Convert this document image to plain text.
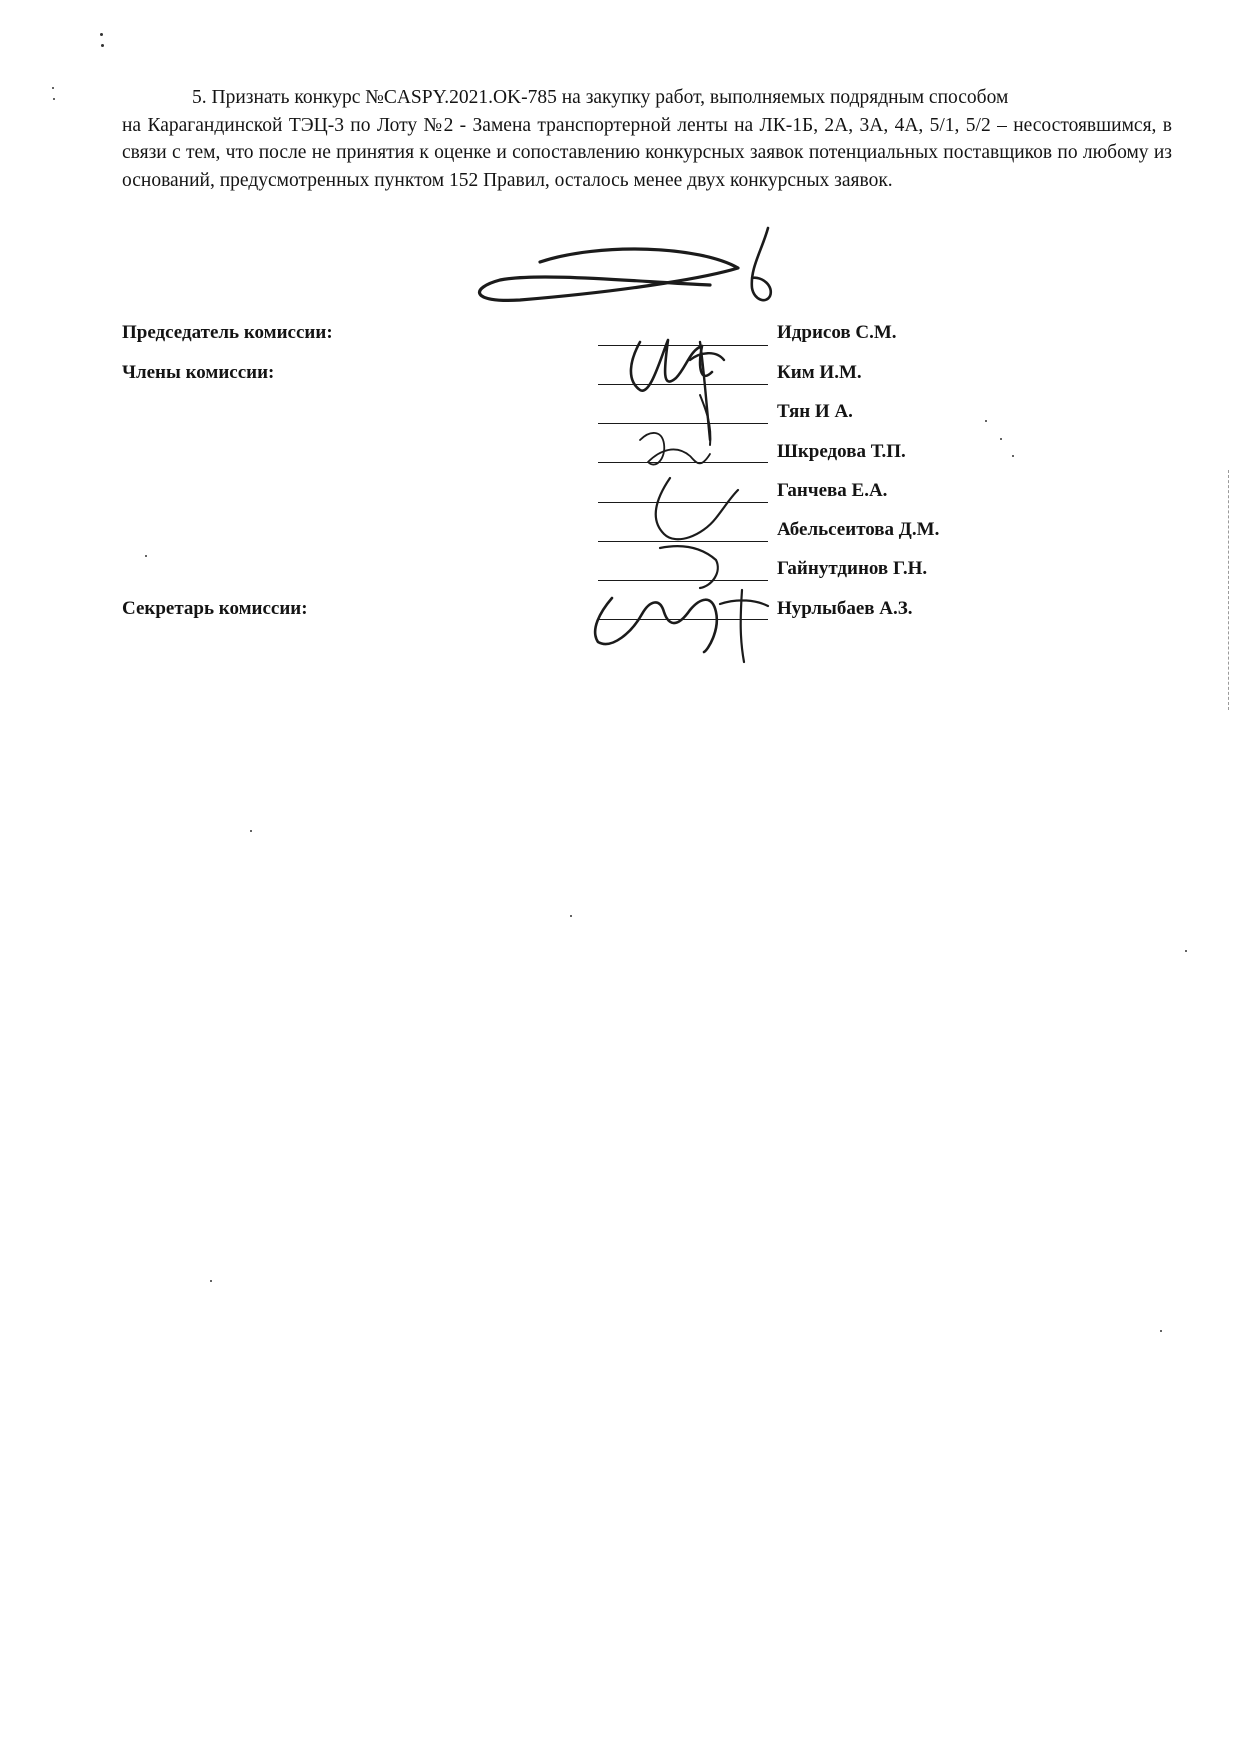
5. Признать конкурс №CASPY.2021.OK-785 на закупку работ, выполняемых подрядным способом
на Карагандинской ТЭЦ-3 по Лоту №2 - Замена транспортерной ленты на ЛК-1Б, 2А, 3А, 4А, 5/1, 5/2 – несостоявшимся, в связи с тем, что после не принятия к оценке и сопоставлению конкурсных заявок потенциальных поставщиков по любому из оснований, предусмотренных пунктом 152 Правил, осталось менее двух конкурсных заявок.

Председатель комиссии:
Члены комиссии:
Секретарь комиссии:
Идрисов С.М.
Ким И.М.
Тян И А.
Шкредова Т.П.
Ганчева Е.А.
Абельсеитова Д.М.
Гайнутдинов Г.Н.
Нурлыбаев А.З.
